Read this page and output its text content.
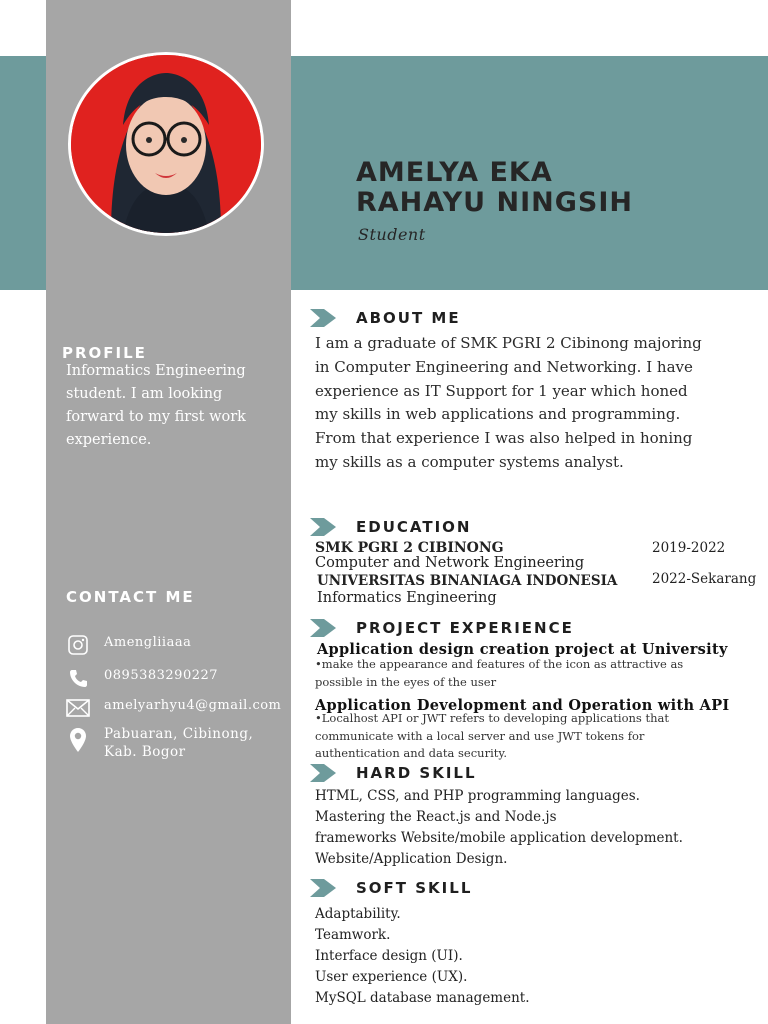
AMELYA EKA
RAHAYU NINGSIH
Student
PROFILE
Informatics Engineering student. I am looking forward to my first work experience.
CONTACT ME
Amengliiaaa
0895383290227
amelyarhyu4@gmail.com
Pabuaran, Cibinong, Kab. Bogor
ABOUT ME
I am a graduate of SMK PGRI 2 Cibinong majoring in Computer Engineering and Networking. I have experience as IT Support for 1 year which honed my skills in web applications and programming. From that experience I was also helped in honing my skills as a computer systems analyst.
EDUCATION
SMK PGRI 2 CIBINONG
Computer and Network Engineering
2019-2022
UNIVERSITAS BINANIAGA INDONESIA
Informatics Engineering
2022-Sekarang
PROJECT EXPERIENCE
Application design creation project at University
•make the appearance and features of the icon as attractive as possible in the eyes of the user
Application Development and Operation with API
•Localhost API or JWT refers to developing applications that communicate with a local server and use JWT tokens for authentication and data security.
HARD SKILL
HTML, CSS, and PHP programming languages.
Mastering the React.js and Node.js
frameworks Website/mobile application development.
Website/Application Design.
SOFT SKILL
Adaptability.
Teamwork.
Interface design (UI).
User experience (UX).
MySQL database management.
